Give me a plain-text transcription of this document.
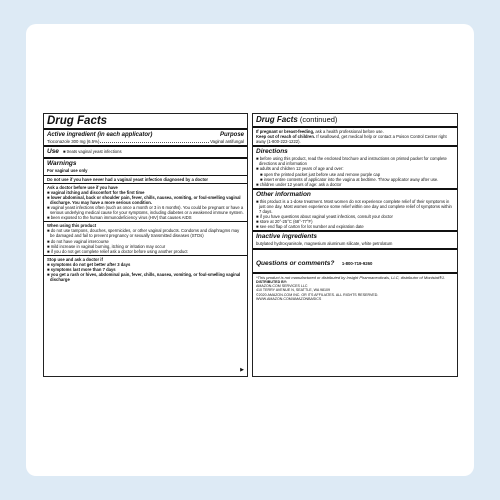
Drug Facts
Active ingredient (in each applicator)	Purpose
Tioconazole 300 mg (6.5%)	Vaginal antifungal
Use ■ treats vaginal yeast infections
Warnings
For vaginal use only
Do not use if you have never had a vaginal yeast infection diagnosed by a doctor
Ask a doctor before use if you have
■ vaginal itching and discomfort for the first time
■ lower abdominal, back or shoulder pain, fever, chills, nausea, vomiting, or foul-smelling vaginal discharge. You may have a more serious condition.
■ vaginal yeast infections often (such as once a month or 3 in 6 months). You could be pregnant or have a serious underlying medical cause for your symptoms, including diabetes or a weakened immune system.
■ been exposed to the human immunodeficiency virus (HIV) that causes AIDS
When using this product
■ do not use tampons, douches, spermicides, or other vaginal products. Condoms and diaphragms may be damaged and fail to prevent pregnancy or sexually transmitted diseases (STDs)
■ do not have vaginal intercourse
■ mild increase in vaginal burning, itching or irritation may occur
■ if you do not get complete relief ask a doctor before using another product
Stop use and ask a doctor if
■ symptoms do not get better after 3 days
■ symptoms last more than 7 days
■ you get a rash or hives, abdominal pain, fever, chills, nausea, vomiting, or foul-smelling vaginal discharge
▶
Drug Facts (continued)
If pregnant or breast-feeding, ask a health professional before use.
Keep out of reach of children. If swallowed, get medical help or contact a Poison Control Center right away (1-800-222-1222).
Directions
■ before using this product, read the enclosed brochure and instructions on printed packet for complete directions and information
■ adults and children 12 years of age and over:
■ open the printed packet just before use and remove purple cap
■ insert entire contents of applicator into the vagina at bedtime. Throw applicator away after use.
■ children under 12 years of age: ask a doctor
Other information
■ this product is a 1-dose treatment. Most women do not experience complete relief of their symptoms in just one day. Most women experience some relief within one day and complete relief of symptoms within 7 days.
■ if you have questions about vaginal yeast infections, consult your doctor
■ store at 20°-25°C (68°-77°F)
■ see end flap of carton for lot number and expiration date
Inactive ingredients
butylated hydroxyanisole, magnesium aluminum silicate, white petrolatum
Questions or comments? 1-800-719-9260
*This product is not manufactured or distributed by Insight Pharmaceuticals, LLC, distributor of Monistat®1.
DISTRIBUTED BY:
AMAZON.COM SERVICES LLC
410 TERRY AVENUE N, SEATTLE, WA 98109
©2020 AMAZON.COM INC. OR ITS AFFILIATES. ALL RIGHTS RESERVED.
WWW.AMAZON.COM/AMAZONBASICS
